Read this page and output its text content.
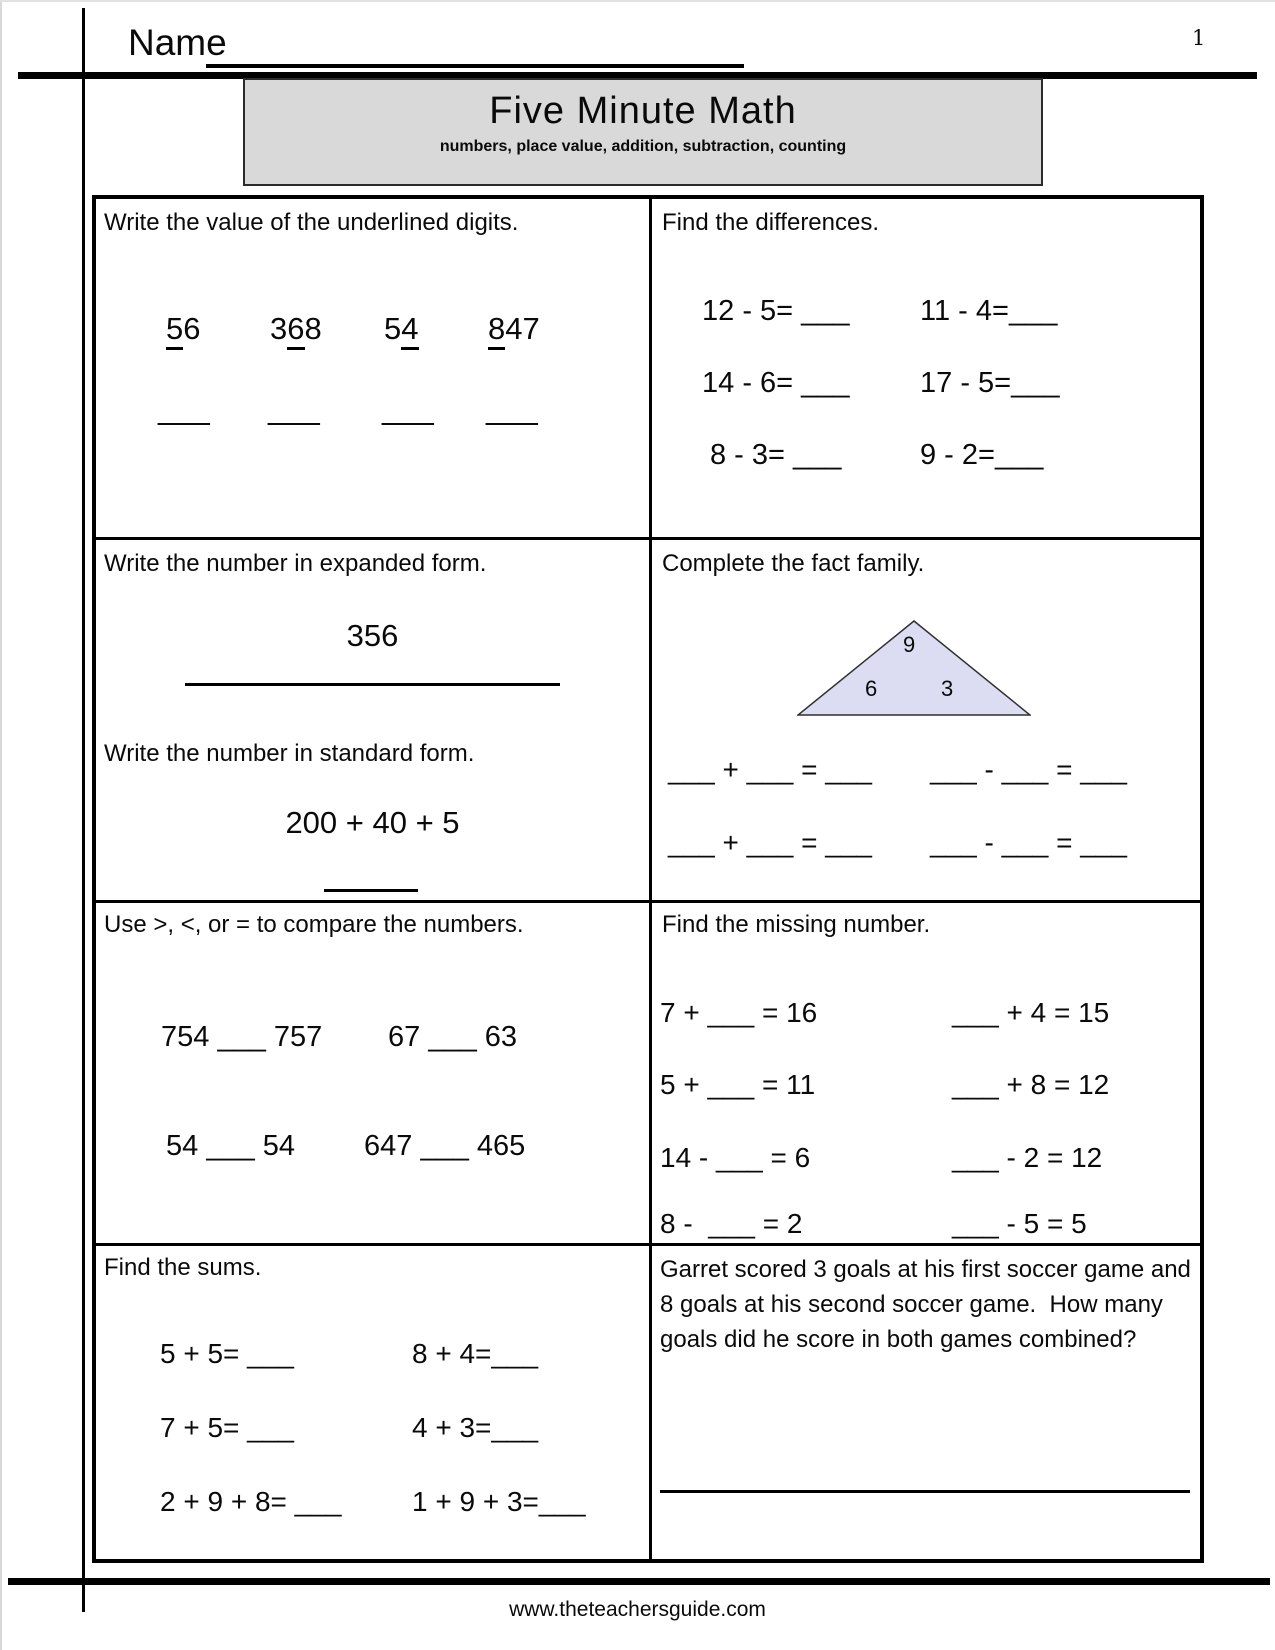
Name	1
Five Minute Math
numbers, place value, addition, subtraction, counting
Write the value of the underlined digits.
56 368 54 847
___ ___ ___ ___
Find the differences.
12 - 5= ___ 11 - 4=___
14 - 6= ___ 17 - 5=___
8 - 3= ___	9 - 2=___
Write the number in expanded form.
356
Write the number in standard form.
200 + 40 + 5
Complete the fact family.
9
6	3
___ + ___ = ___ ___ - ___ = ___
___ + ___ = ___ ___ - ___ = ___
Use >, <, or = to compare the numbers.
754 ___ 757 67 ___ 63
54 ___ 54 647 ___ 465
Find the missing number.
7 + ___ = 16	___ + 4 = 15
5 + ___ = 11	___ + 8 = 12
14 - ___ = 6	___ - 2 = 12
8 -  ___ = 2	___ - 5 = 5
Find the sums.
5 + 5= ___	8 + 4=___
7 + 5= ___	4 + 3=___
2 + 9 + 8= ___	1 + 9 + 3=___
Garret scored 3 goals at his first soccer game and 8 goals at his second soccer game.  How many goals did he score in both games combined?
www.theteachersguide.com
